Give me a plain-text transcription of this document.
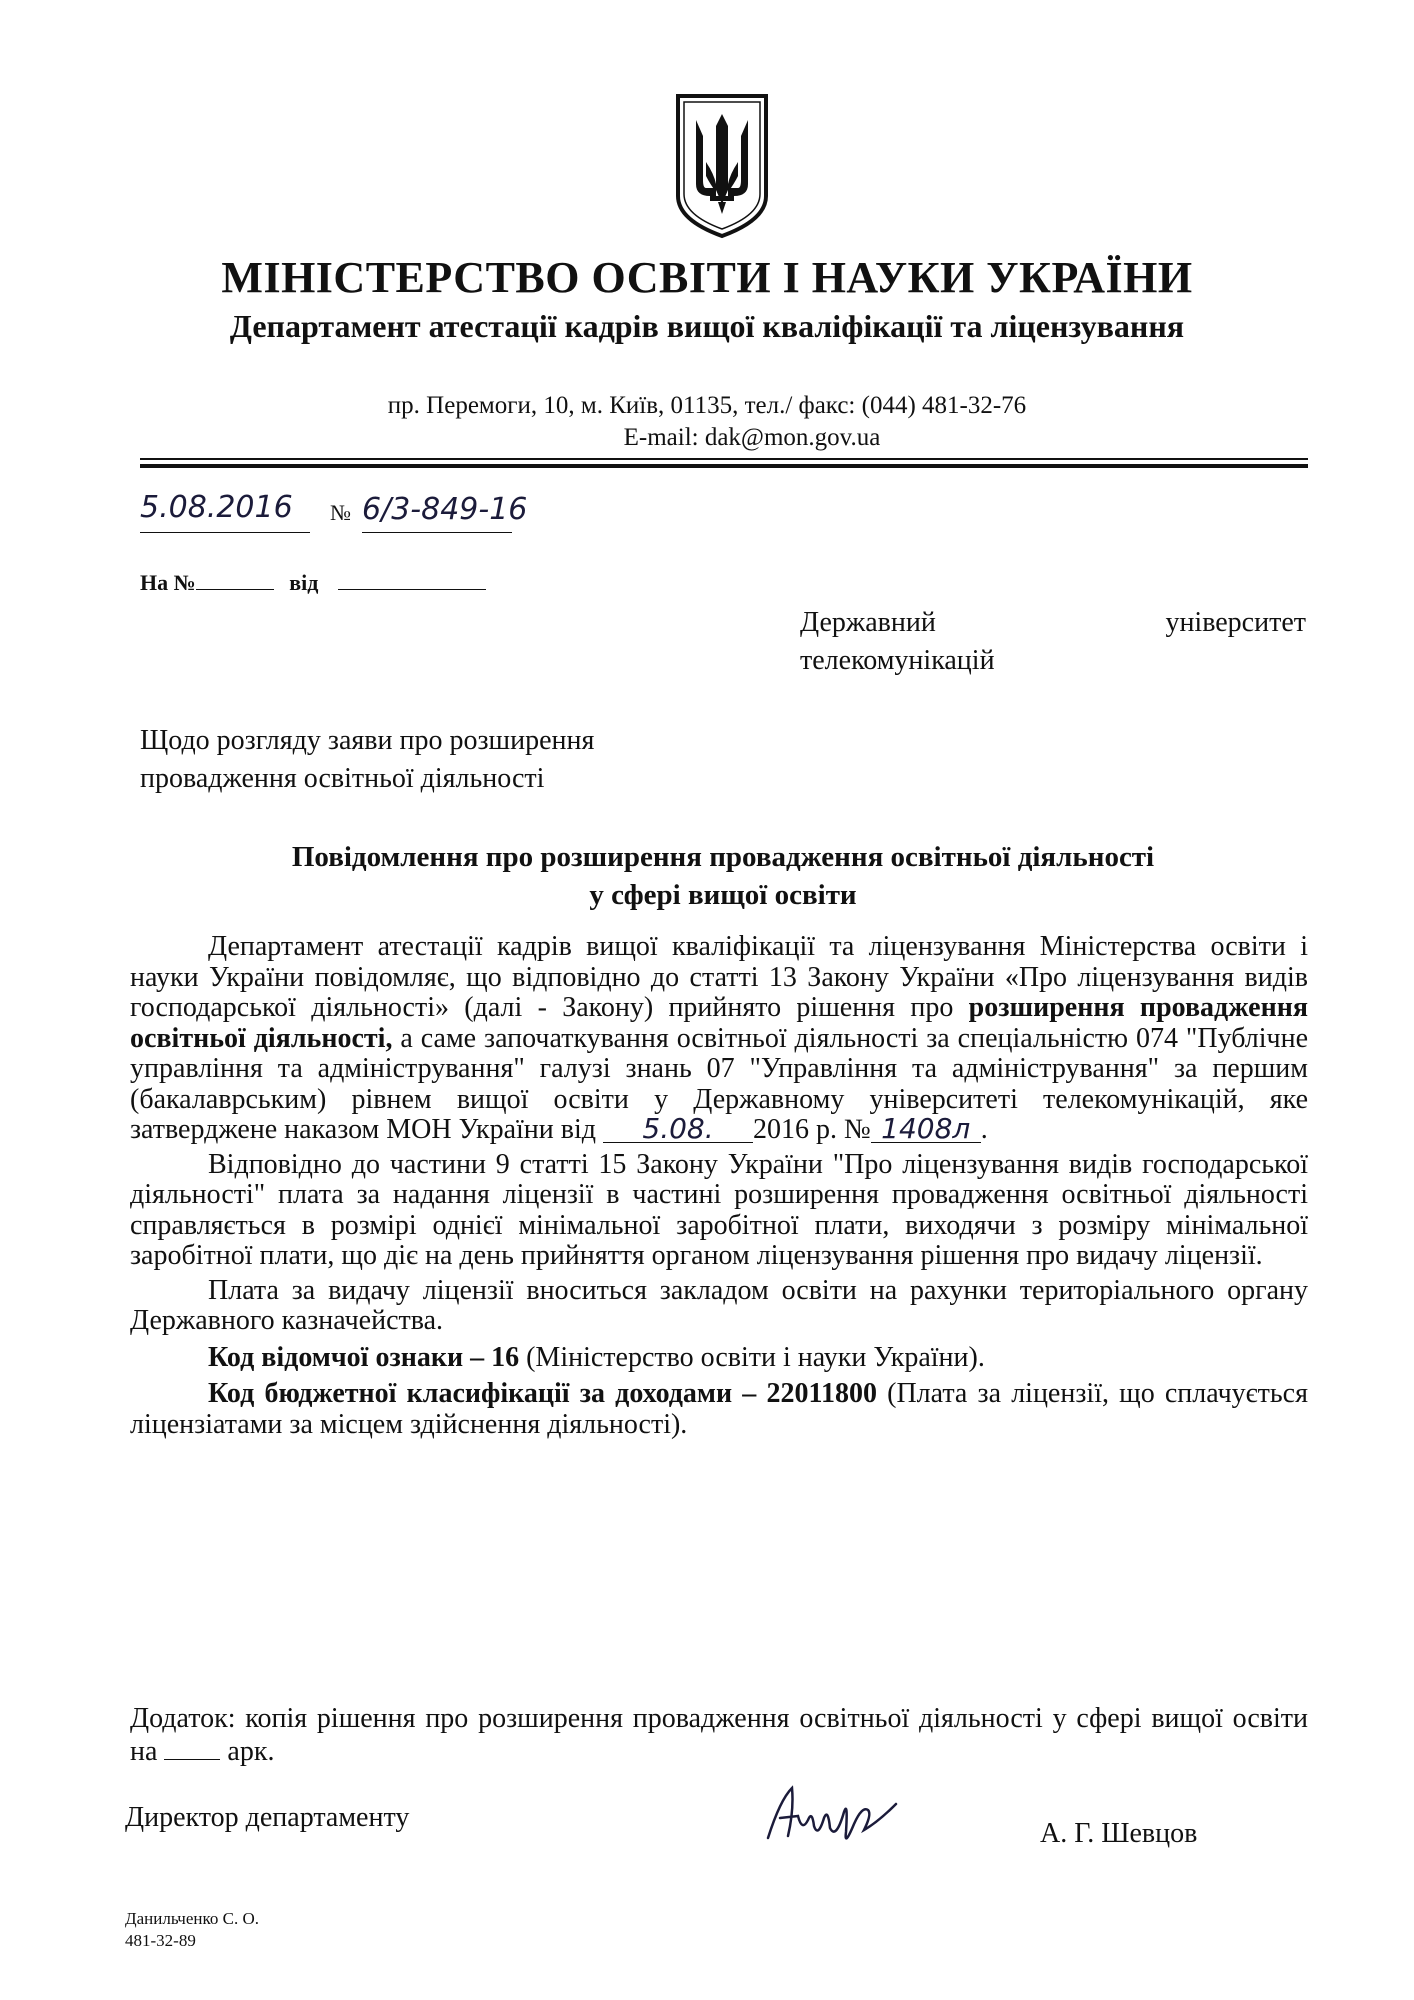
МІНІСТЕРСТВО ОСВІТИ І НАУКИ УКРАЇНИ
Департамент атестації кадрів вищої кваліфікації та ліцензування
пр. Перемоги, 10, м. Київ, 01135, тел./ факс: (044) 481-32-76
E-mail: dak@mon.gov.ua
5.08.2016 № 6/3-849-16
На №	від
Державний	університет
телекомунікацій
Щодо розгляду заяви про розширення
провадження освітньої діяльності
Повідомлення про розширення провадження освітньої діяльності
у сфері вищої освіти

Департамент атестації кадрів вищої кваліфікації та ліцензування Міністерства освіти і науки України повідомляє, що відповідно до статті 13 Закону України «Про ліцензування видів господарської діяльності» (далі - Закону) прийнято рішення про розширення провадження освітньої діяльності, а саме започаткування освітньої діяльності за спеціальністю 074 "Публічне управління та адміністрування" галузі знань 07 "Управління та адміністрування" за першим (бакалаврським) рівнем вищої освіти у Державному університеті телекомунікацій, яке затверджене наказом МОН України від 5.08. 2016 р. № 1408л .

Відповідно до частини 9 статті 15 Закону України "Про ліцензування видів господарської діяльності" плата за надання ліцензії в частині розширення провадження освітньої діяльності справляється в розмірі однієї мінімальної заробітної плати, виходячи з розміру мінімальної заробітної плати, що діє на день прийняття органом ліцензування рішення про видачу ліцензії.

Плата за видачу ліцензії вноситься закладом освіти на рахунки територіального органу Державного казначейства.

Код відомчої ознаки – 16 (Міністерство освіти і науки України).

Код бюджетної класифікації за доходами – 22011800 (Плата за ліцензії, що сплачується ліцензіатами за місцем здійснення діяльності).

Додаток: копія рішення про розширення провадження освітньої діяльності у сфері вищої освіти на  арк.
Директор департаменту
А. Г. Шевцов
Данильченко С. О.
481-32-89
